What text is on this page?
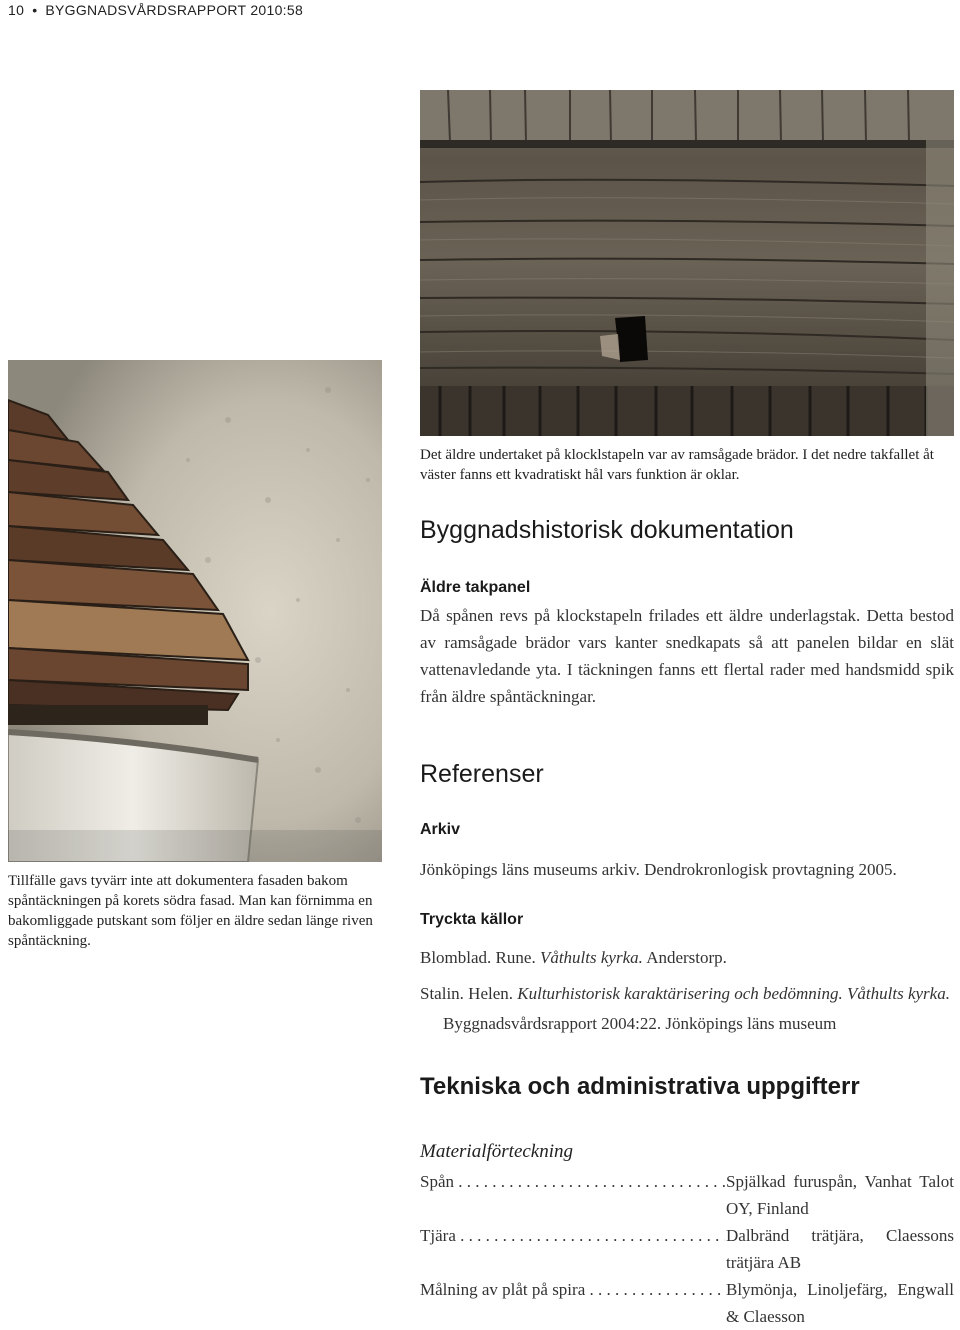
10 • BYGGNADSVÅRDSRAPPORT 2010:58
Det äldre undertaket på klocklstapeln var av ramsågade brädor. I det nedre takfallet åt väster fanns ett kvadratiskt hål vars funktion är oklar.
Tillfälle gavs tyvärr inte att dokumentera fasaden bakom spåntäckningen på korets södra fasad. Man kan förnimma en bakomliggade putskant som följer en äldre sedan länge riven spåntäckning.
Byggnadshistorisk dokumentation
Äldre takpanel
Då spånen revs på klockstapeln frilades ett äldre underlagstak. Detta bestod av ramsågade brädor vars kanter snedkapats så att panelen bildar en slät vattenavledande yta. I täckningen fanns ett flertal rader med handsmidd spik från äldre spåntäckningar.
Referenser
Arkiv
Jönköpings läns museums arkiv. Dendrokronlogisk provtagning 2005.
Tryckta källor
Blomblad. Rune. Våthults kyrka. Anderstorp.
Stalin. Helen. Kulturhistorisk karaktärisering och bedömning. Våthults kyrka.
Byggnadsvårdsrapport 2004:22. Jönköpings läns museum
Tekniska och administrativa uppgifterr
Materialförteckning
Spån . . .	Spjälkad furuspån, Vanhat Talot OY, Finland
Tjära . . .	Dalbränd trätjära, Claessons trätjära AB
Målning av plåt på spira . . .	Blymönja, Linoljefärg, Engwall & Claesson
